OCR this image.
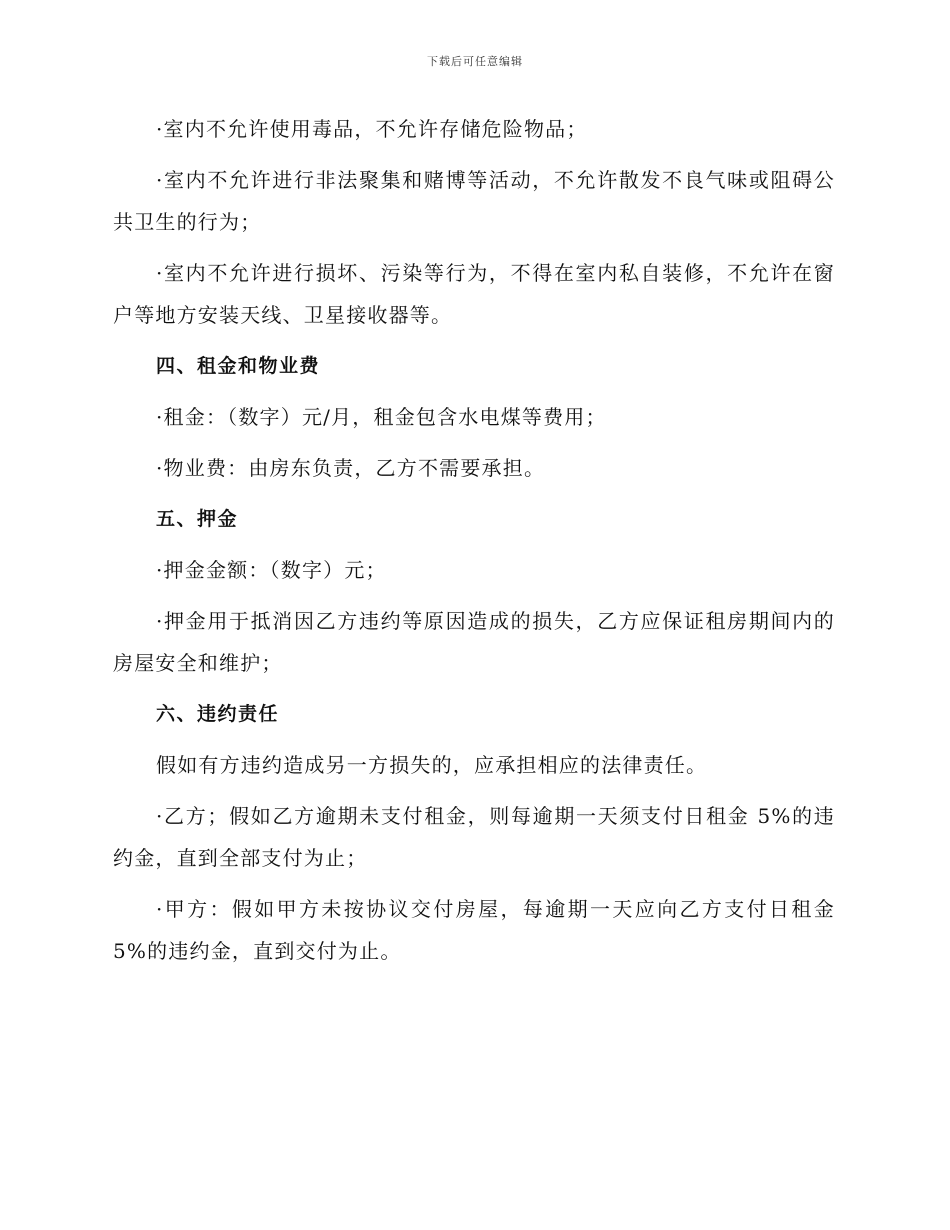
下载后可任意编辑

·室内不允许使用毒品，不允许存储危险物品；

·室内不允许进行非法聚集和赌博等活动，不允许散发不良气味或阻碍公共卫生的行为；

·室内不允许进行损坏、污染等行为，不得在室内私自装修，不允许在窗户等地方安装天线、卫星接收器等。

四、租金和物业费

·租金：（数字）元/月，租金包含水电煤等费用；

·物业费：由房东负责，乙方不需要承担。

五、押金

·押金金额：（数字）元；

·押金用于抵消因乙方违约等原因造成的损失，乙方应保证租房期间内的房屋安全和维护；

六、违约责任

假如有方违约造成另一方损失的，应承担相应的法律责任。

·乙方；假如乙方逾期未支付租金，则每逾期一天须支付日租金 5%的违约金，直到全部支付为止；

·甲方：假如甲方未按协议交付房屋，每逾期一天应向乙方支付日租金 5%的违约金，直到交付为止。
